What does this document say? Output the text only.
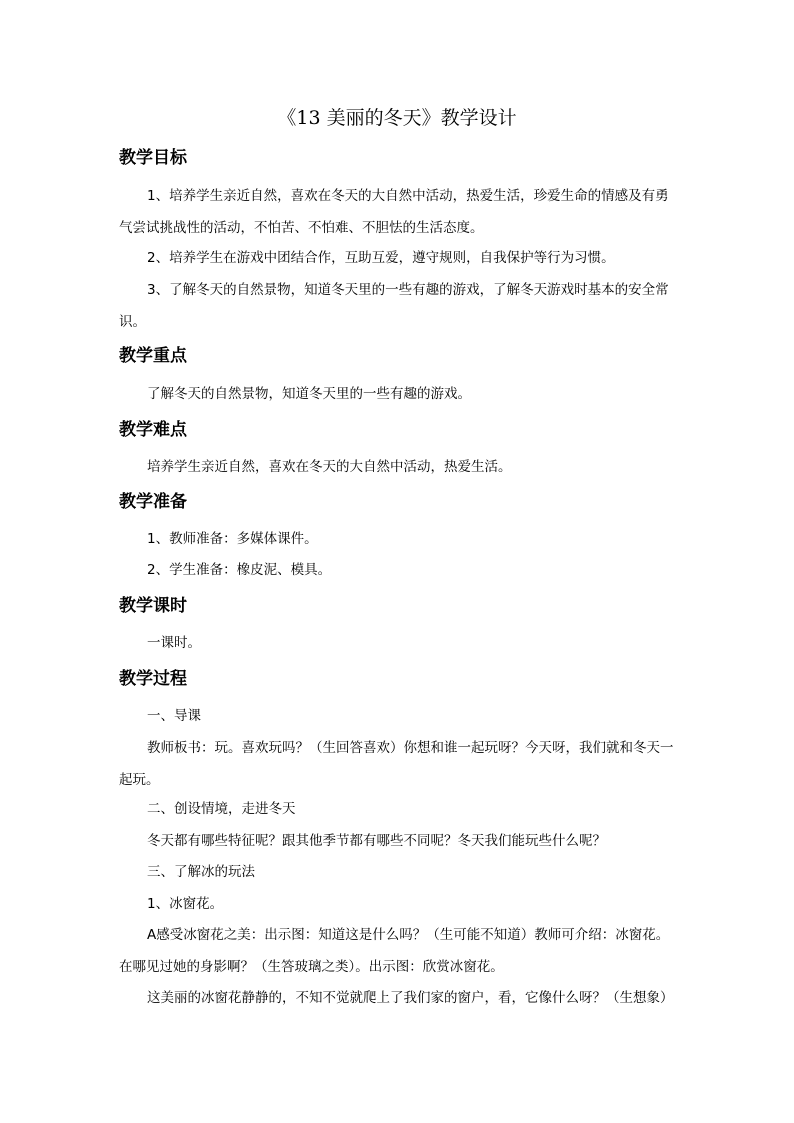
《13 美丽的冬天》教学设计
教学目标
1、培养学生亲近自然，喜欢在冬天的大自然中活动，热爱生活，珍爱生命的情感及有勇气尝试挑战性的活动，不怕苦、不怕难、不胆怯的生活态度。
2、培养学生在游戏中团结合作，互助互爱，遵守规则，自我保护等行为习惯。
3、了解冬天的自然景物，知道冬天里的一些有趣的游戏，了解冬天游戏时基本的安全常识。
教学重点
了解冬天的自然景物，知道冬天里的一些有趣的游戏。
教学难点
培养学生亲近自然，喜欢在冬天的大自然中活动，热爱生活。
教学准备
1、教师准备：多媒体课件。
2、学生准备：橡皮泥、模具。
教学课时
一课时。
教学过程
一、导课
教师板书：玩。喜欢玩吗？（生回答喜欢）你想和谁一起玩呀？今天呀，我们就和冬天一起玩。
二、创设情境，走进冬天
冬天都有哪些特征呢？跟其他季节都有哪些不同呢？冬天我们能玩些什么呢？
三、了解冰的玩法
1、冰窗花。
A感受冰窗花之美：出示图：知道这是什么吗？（生可能不知道）教师可介绍：冰窗花。在哪见过她的身影啊？（生答玻璃之类）。出示图：欣赏冰窗花。
这美丽的冰窗花静静的，不知不觉就爬上了我们家的窗户，看，它像什么呀？（生想象）
